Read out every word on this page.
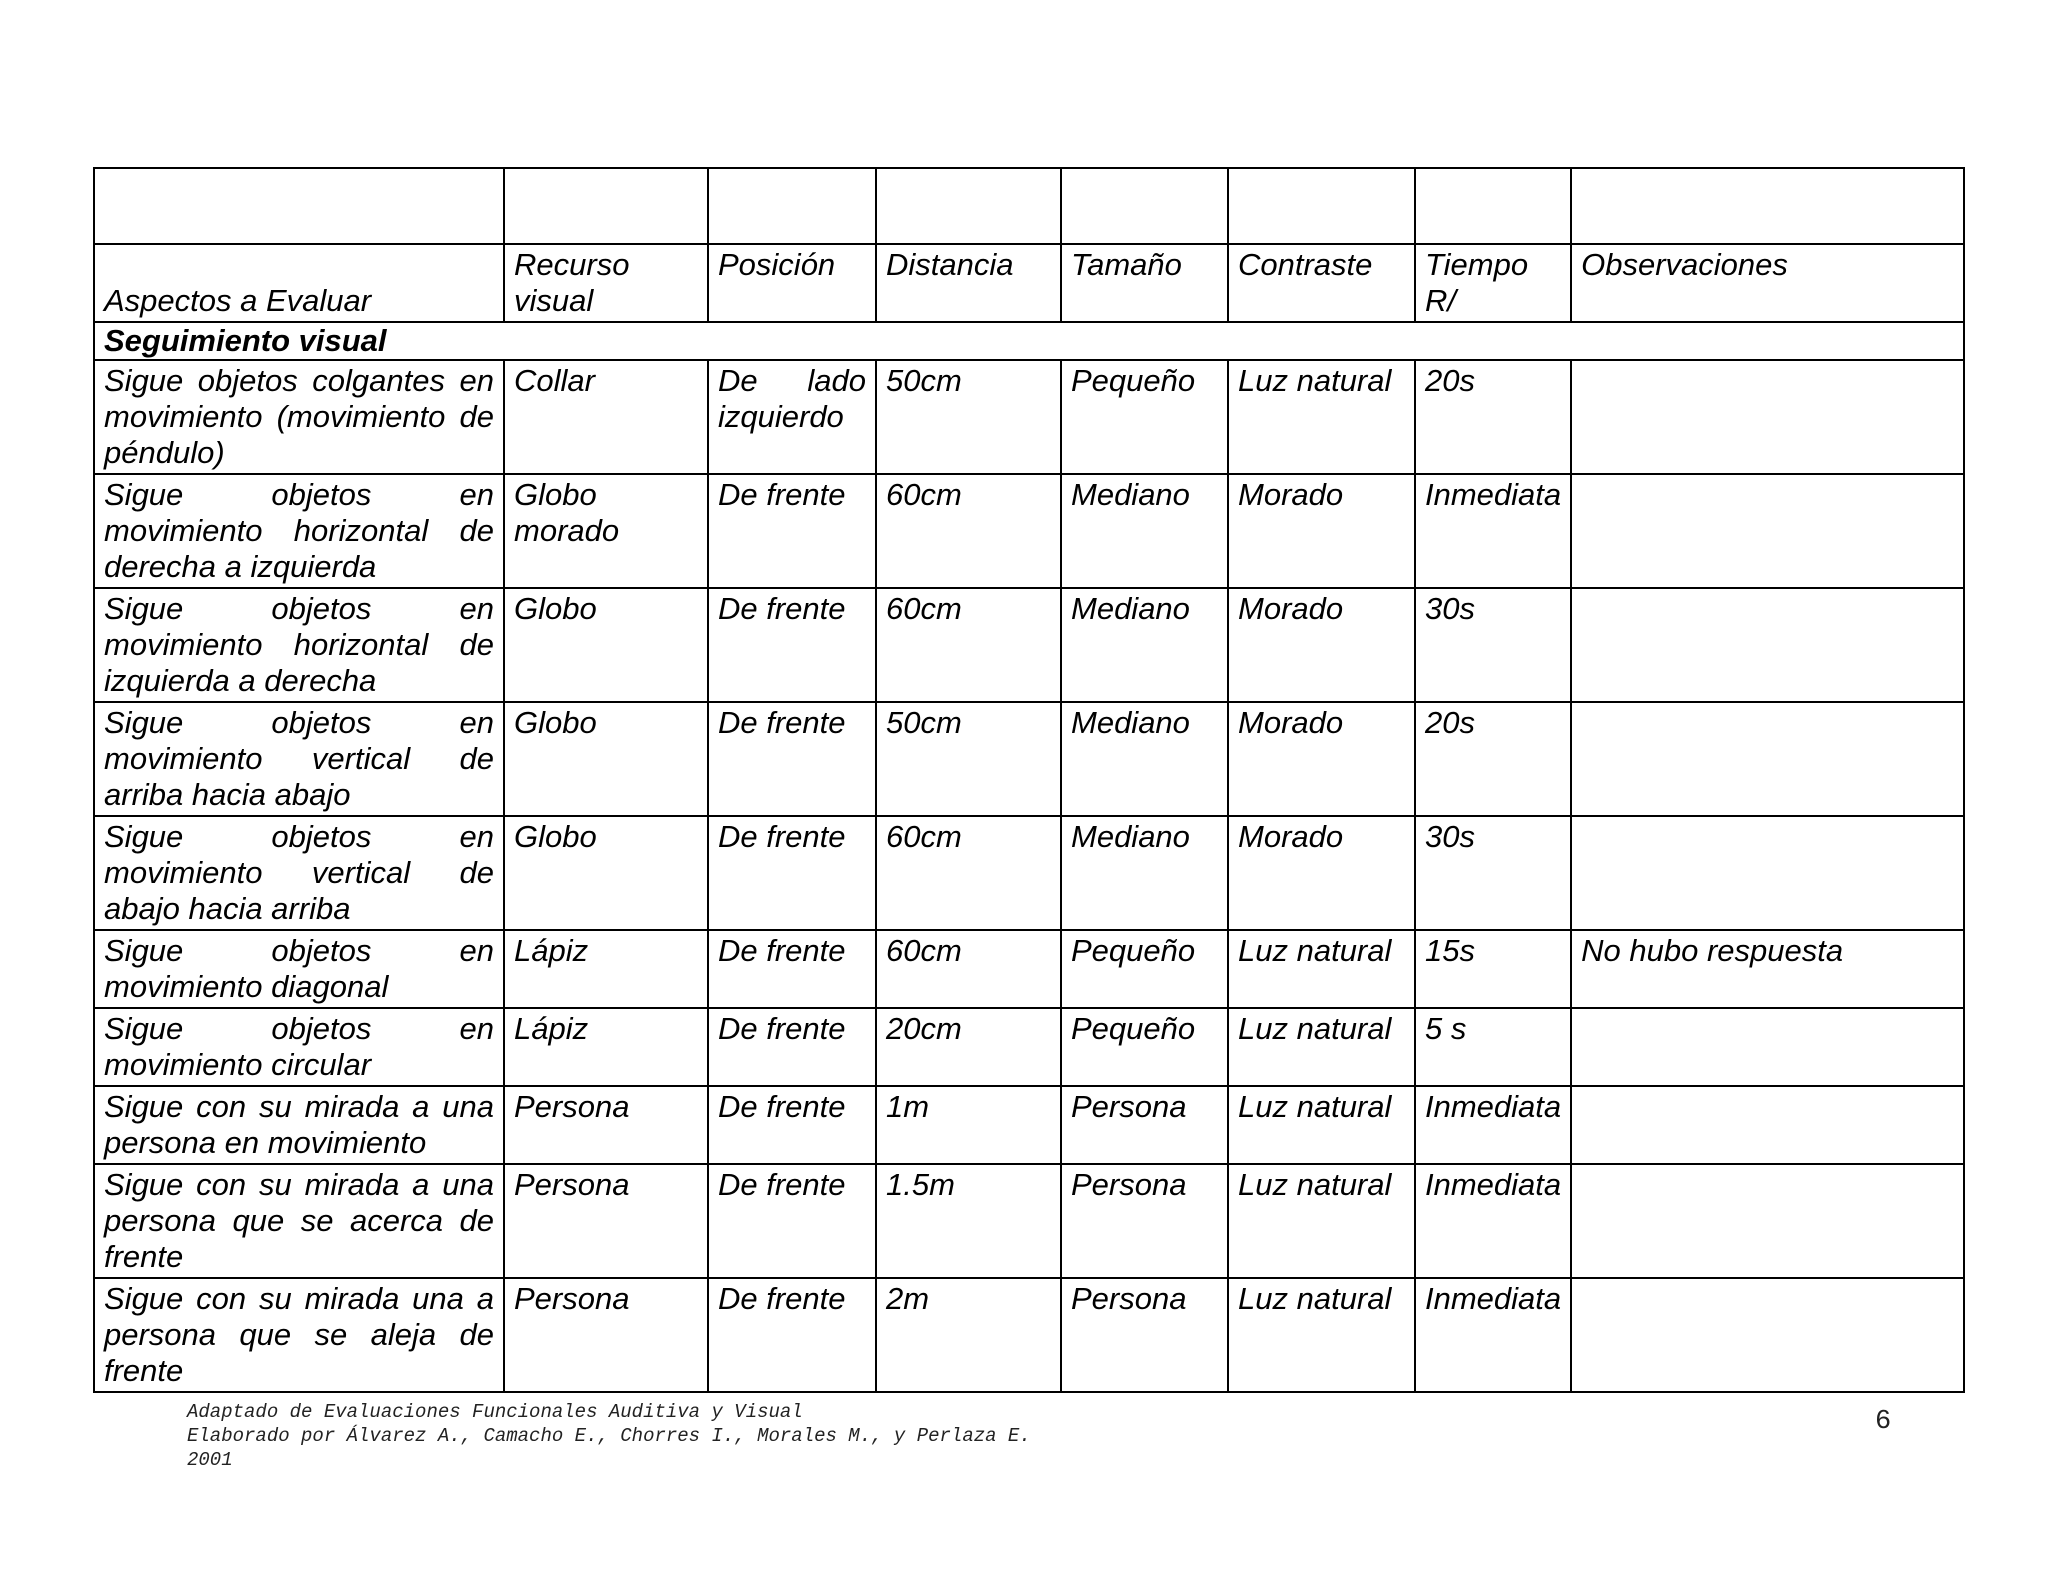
Aspectos a Evaluar	Recurso visual	Posición	Distancia	Tamaño	Contraste	Tiempo R/	Observaciones
Seguimiento visual							
Sigue objetos colgantes en movimiento (movimiento de péndulo)	Collar	De lado izquierdo	50cm	Pequeño	Luz natural	20s	
Sigue objetos en movimiento horizontal de derecha a izquierda	Globo morado	De frente	60cm	Mediano	Morado	Inmediata	
Sigue objetos en movimiento horizontal de izquierda a derecha	Globo	De frente	60cm	Mediano	Morado	30s	
Sigue objetos en movimiento vertical de arriba hacia abajo	Globo	De frente	50cm	Mediano	Morado	20s	
Sigue objetos en movimiento vertical de abajo hacia arriba	Globo	De frente	60cm	Mediano	Morado	30s	
Sigue objetos en movimiento diagonal	Lápiz	De frente	60cm	Pequeño	Luz natural	15s	No hubo respuesta
Sigue objetos en movimiento circular	Lápiz	De frente	20cm	Pequeño	Luz natural	5 s	
Sigue con su mirada a una persona en movimiento	Persona	De frente	1m	Persona	Luz natural	Inmediata	
Sigue con su mirada a una persona que se acerca de frente	Persona	De frente	1.5m	Persona	Luz natural	Inmediata	
Sigue con su mirada una a persona que se aleja de frente	Persona	De frente	2m	Persona	Luz natural	Inmediata	
Adaptado de Evaluaciones Funcionales Auditiva y Visual
Elaborado por Álvarez A., Camacho E., Chorres I., Morales M., y Perlaza E.
2001
6
